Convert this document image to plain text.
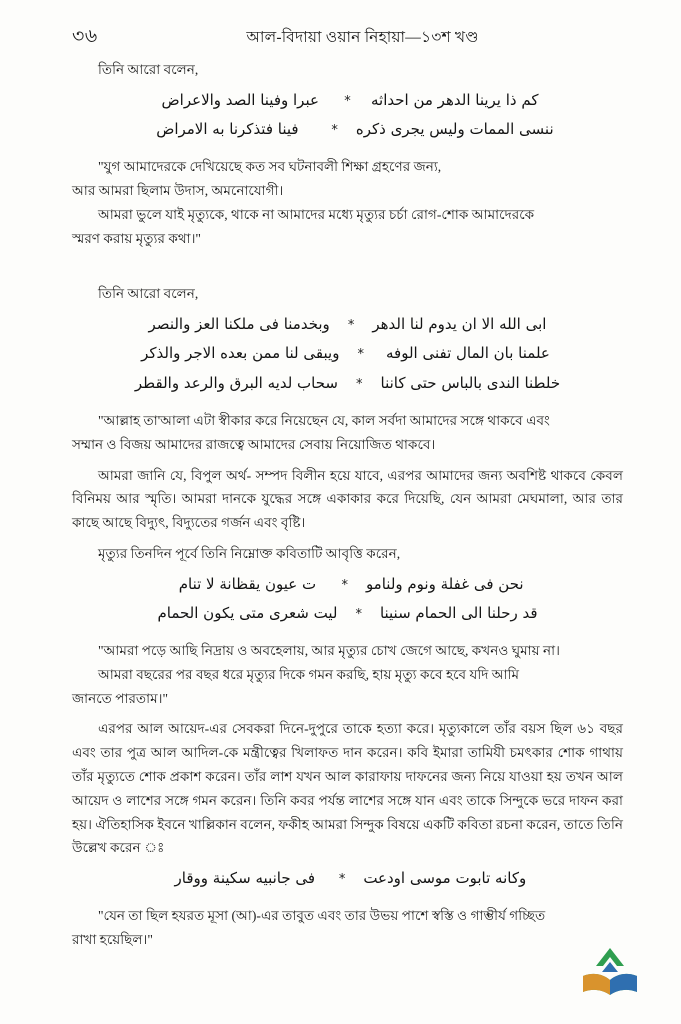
৩৬	আল-বিদায়া ওয়ান নিহায়া—১৩শ খণ্ড

তিনি আরো বলেন,

كم ذا يرينا الدهر من احداثه
*
عبرا وفينا الصد والاعراض
ننسى الممات وليس يجرى ذكره
*
فينا فتذكرنا به الامراض

"যুগ আমাদেরকে দেখিয়েছে কত সব ঘটনাবলী শিক্ষা গ্রহণের জন্য,

আর আমরা ছিলাম উদাস, অমনোযোগী।

আমরা ভুলে যাই মৃত্যুকে, থাকে না আমাদের মধ্যে মৃত্যুর চর্চা রোগ-শোক আমাদেরকে

স্মরণ করায় মৃত্যুর কথা।"

তিনি আরো বলেন,

ابى الله الا ان يدوم لنا الدهر
*
وبخدمنا فى ملكنا العز والنصر
علمنا بان المال تفنى الوفه
*
ويبقى لنا ممن بعده الاجر والذكر
خلطنا الندى بالباس حتى كاننا
*
سحاب لديه البرق والرعد والقطر

"আল্লাহ তা'আলা এটা স্বীকার করে নিয়েছেন যে, কাল সর্বদা আমাদের সঙ্গে থাকবে এবং

সম্মান ও বিজয় আমাদের রাজত্বে আমাদের সেবায় নিয়োজিত থাকবে।

আমরা জানি যে, বিপুল অর্থ- সম্পদ বিলীন হয়ে যাবে, এরপর আমাদের জন্য অবশিষ্ট থাকবে কেবল বিনিময় আর স্মৃতি। আমরা দানকে যুদ্ধের সঙ্গে একাকার করে দিয়েছি, যেন আমরা মেঘমালা, আর তার কাছে আছে বিদ্যুৎ, বিদ্যুতের গর্জন এবং বৃষ্টি।

মৃত্যুর তিনদিন পূর্বে তিনি নিম্নোক্ত কবিতাটি আবৃত্তি করেন,

نحن فى غفلة ونوم ولنامو
*
ت عيون يقظانة لا تنام
قد رحلنا الى الحمام سنينا
*
ليت شعرى متى يكون الحمام

"আমরা পড়ে আছি নিদ্রায় ও অবহেলায়, আর মৃত্যুর চোখ জেগে আছে, কখনও ঘুমায় না।

আমরা বছরের পর বছর ধরে মৃত্যুর দিকে গমন করছি, হায় মৃত্যু কবে হবে যদি আমি

জানতে পারতাম।"

এরপর আল আয়েদ-এর সেবকরা দিনে-দুপুরে তাকে হত্যা করে। মৃত্যুকালে তাঁর বয়স ছিল ৬১ বছর এবং তার পুত্র আল আদিল-কে মন্ত্রীত্বের খিলাফত দান করেন। কবি ইমারা তামিযী চমৎকার শোক গাথায় তাঁর মৃত্যুতে শোক প্রকাশ করেন। তাঁর লাশ যখন আল কারাফায় দাফনের জন্য নিয়ে যাওয়া হয় তখন আল আয়েদ ও লাশের সঙ্গে গমন করেন। তিনি কবর পর্যন্ত লাশের সঙ্গে যান এবং তাকে সিন্দুকে ভরে দাফন করা হয়। ঐতিহাসিক ইবনে খাল্লিকান বলেন, ফকীহ আমরা সিন্দুক বিষয়ে একটি কবিতা রচনা করেন, তাতে তিনি উল্লেখ করেন ঃ

وكانه تابوت موسى اودعت
*
فى جانبيه سكينة ووقار

"যেন তা ছিল হযরত মূসা (আ)-এর তাবুত এবং তার উভয় পাশে স্বস্তি ও গাম্ভীর্য গচ্ছিত

রাখা হয়েছিল।"
